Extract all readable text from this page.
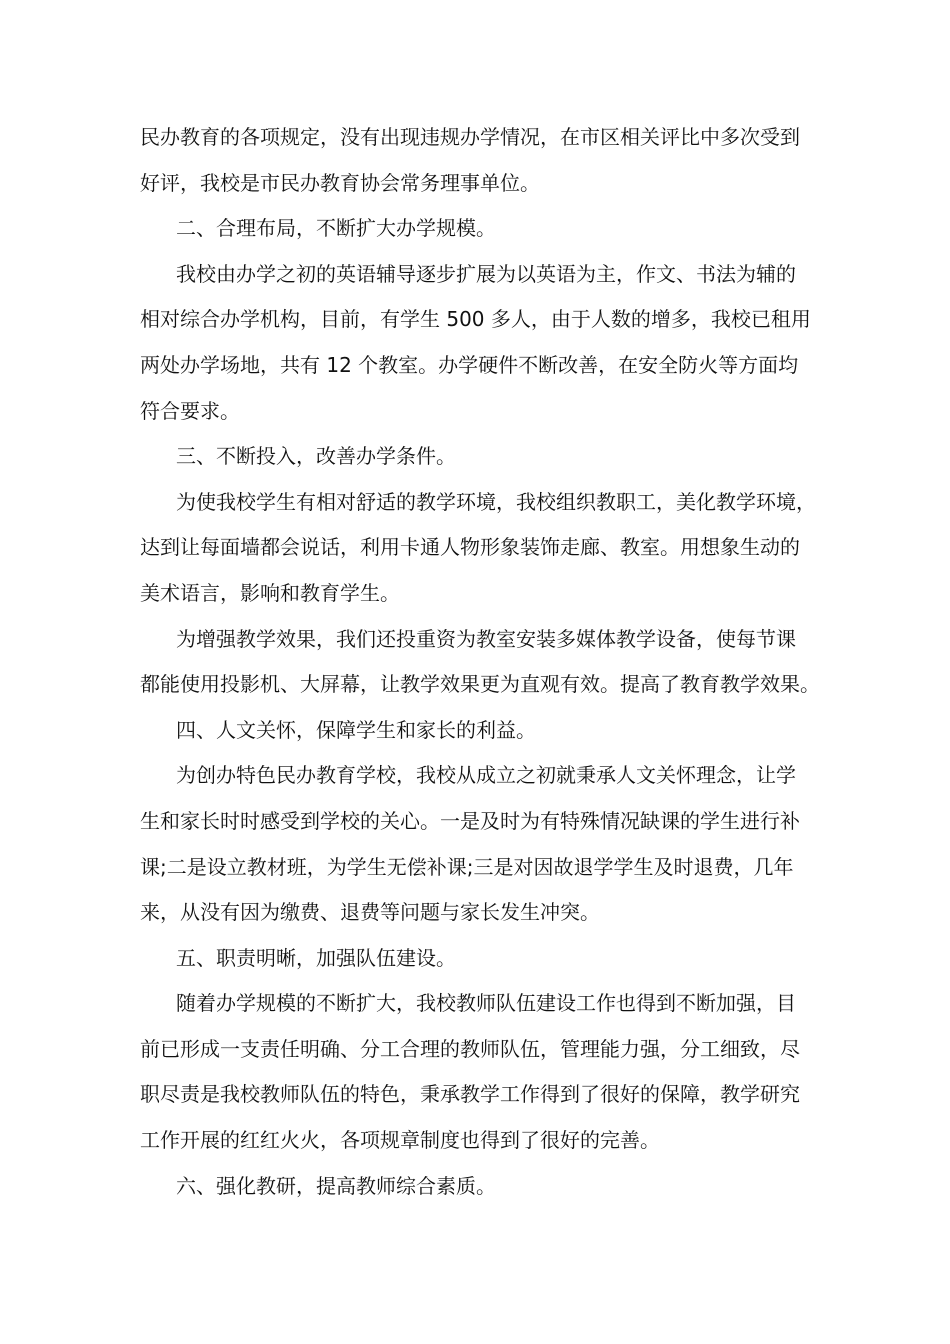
民办教育的各项规定，没有出现违规办学情况，在市区相关评比中多次受到
好评，我校是市民办教育协会常务理事单位。
二、合理布局，不断扩大办学规模。
我校由办学之初的英语辅导逐步扩展为以英语为主，作文、书法为辅的
相对综合办学机构，目前，有学生 500 多人，由于人数的增多，我校已租用
两处办学场地，共有 12 个教室。办学硬件不断改善，在安全防火等方面均
符合要求。
三、不断投入，改善办学条件。
为使我校学生有相对舒适的教学环境，我校组织教职工，美化教学环境，
达到让每面墙都会说话，利用卡通人物形象装饰走廊、教室。用想象生动的
美术语言，影响和教育学生。
为增强教学效果，我们还投重资为教室安装多媒体教学设备，使每节课
都能使用投影机、大屏幕，让教学效果更为直观有效。提高了教育教学效果。
四、人文关怀，保障学生和家长的利益。
为创办特色民办教育学校，我校从成立之初就秉承人文关怀理念，让学
生和家长时时感受到学校的关心。一是及时为有特殊情况缺课的学生进行补
课;二是设立教材班，为学生无偿补课;三是对因故退学学生及时退费，几年
来，从没有因为缴费、退费等问题与家长发生冲突。
五、职责明晰，加强队伍建设。
随着办学规模的不断扩大，我校教师队伍建设工作也得到不断加强，目
前已形成一支责任明确、分工合理的教师队伍，管理能力强，分工细致，尽
职尽责是我校教师队伍的特色，秉承教学工作得到了很好的保障，教学研究
工作开展的红红火火，各项规章制度也得到了很好的完善。
六、强化教研，提高教师综合素质。
